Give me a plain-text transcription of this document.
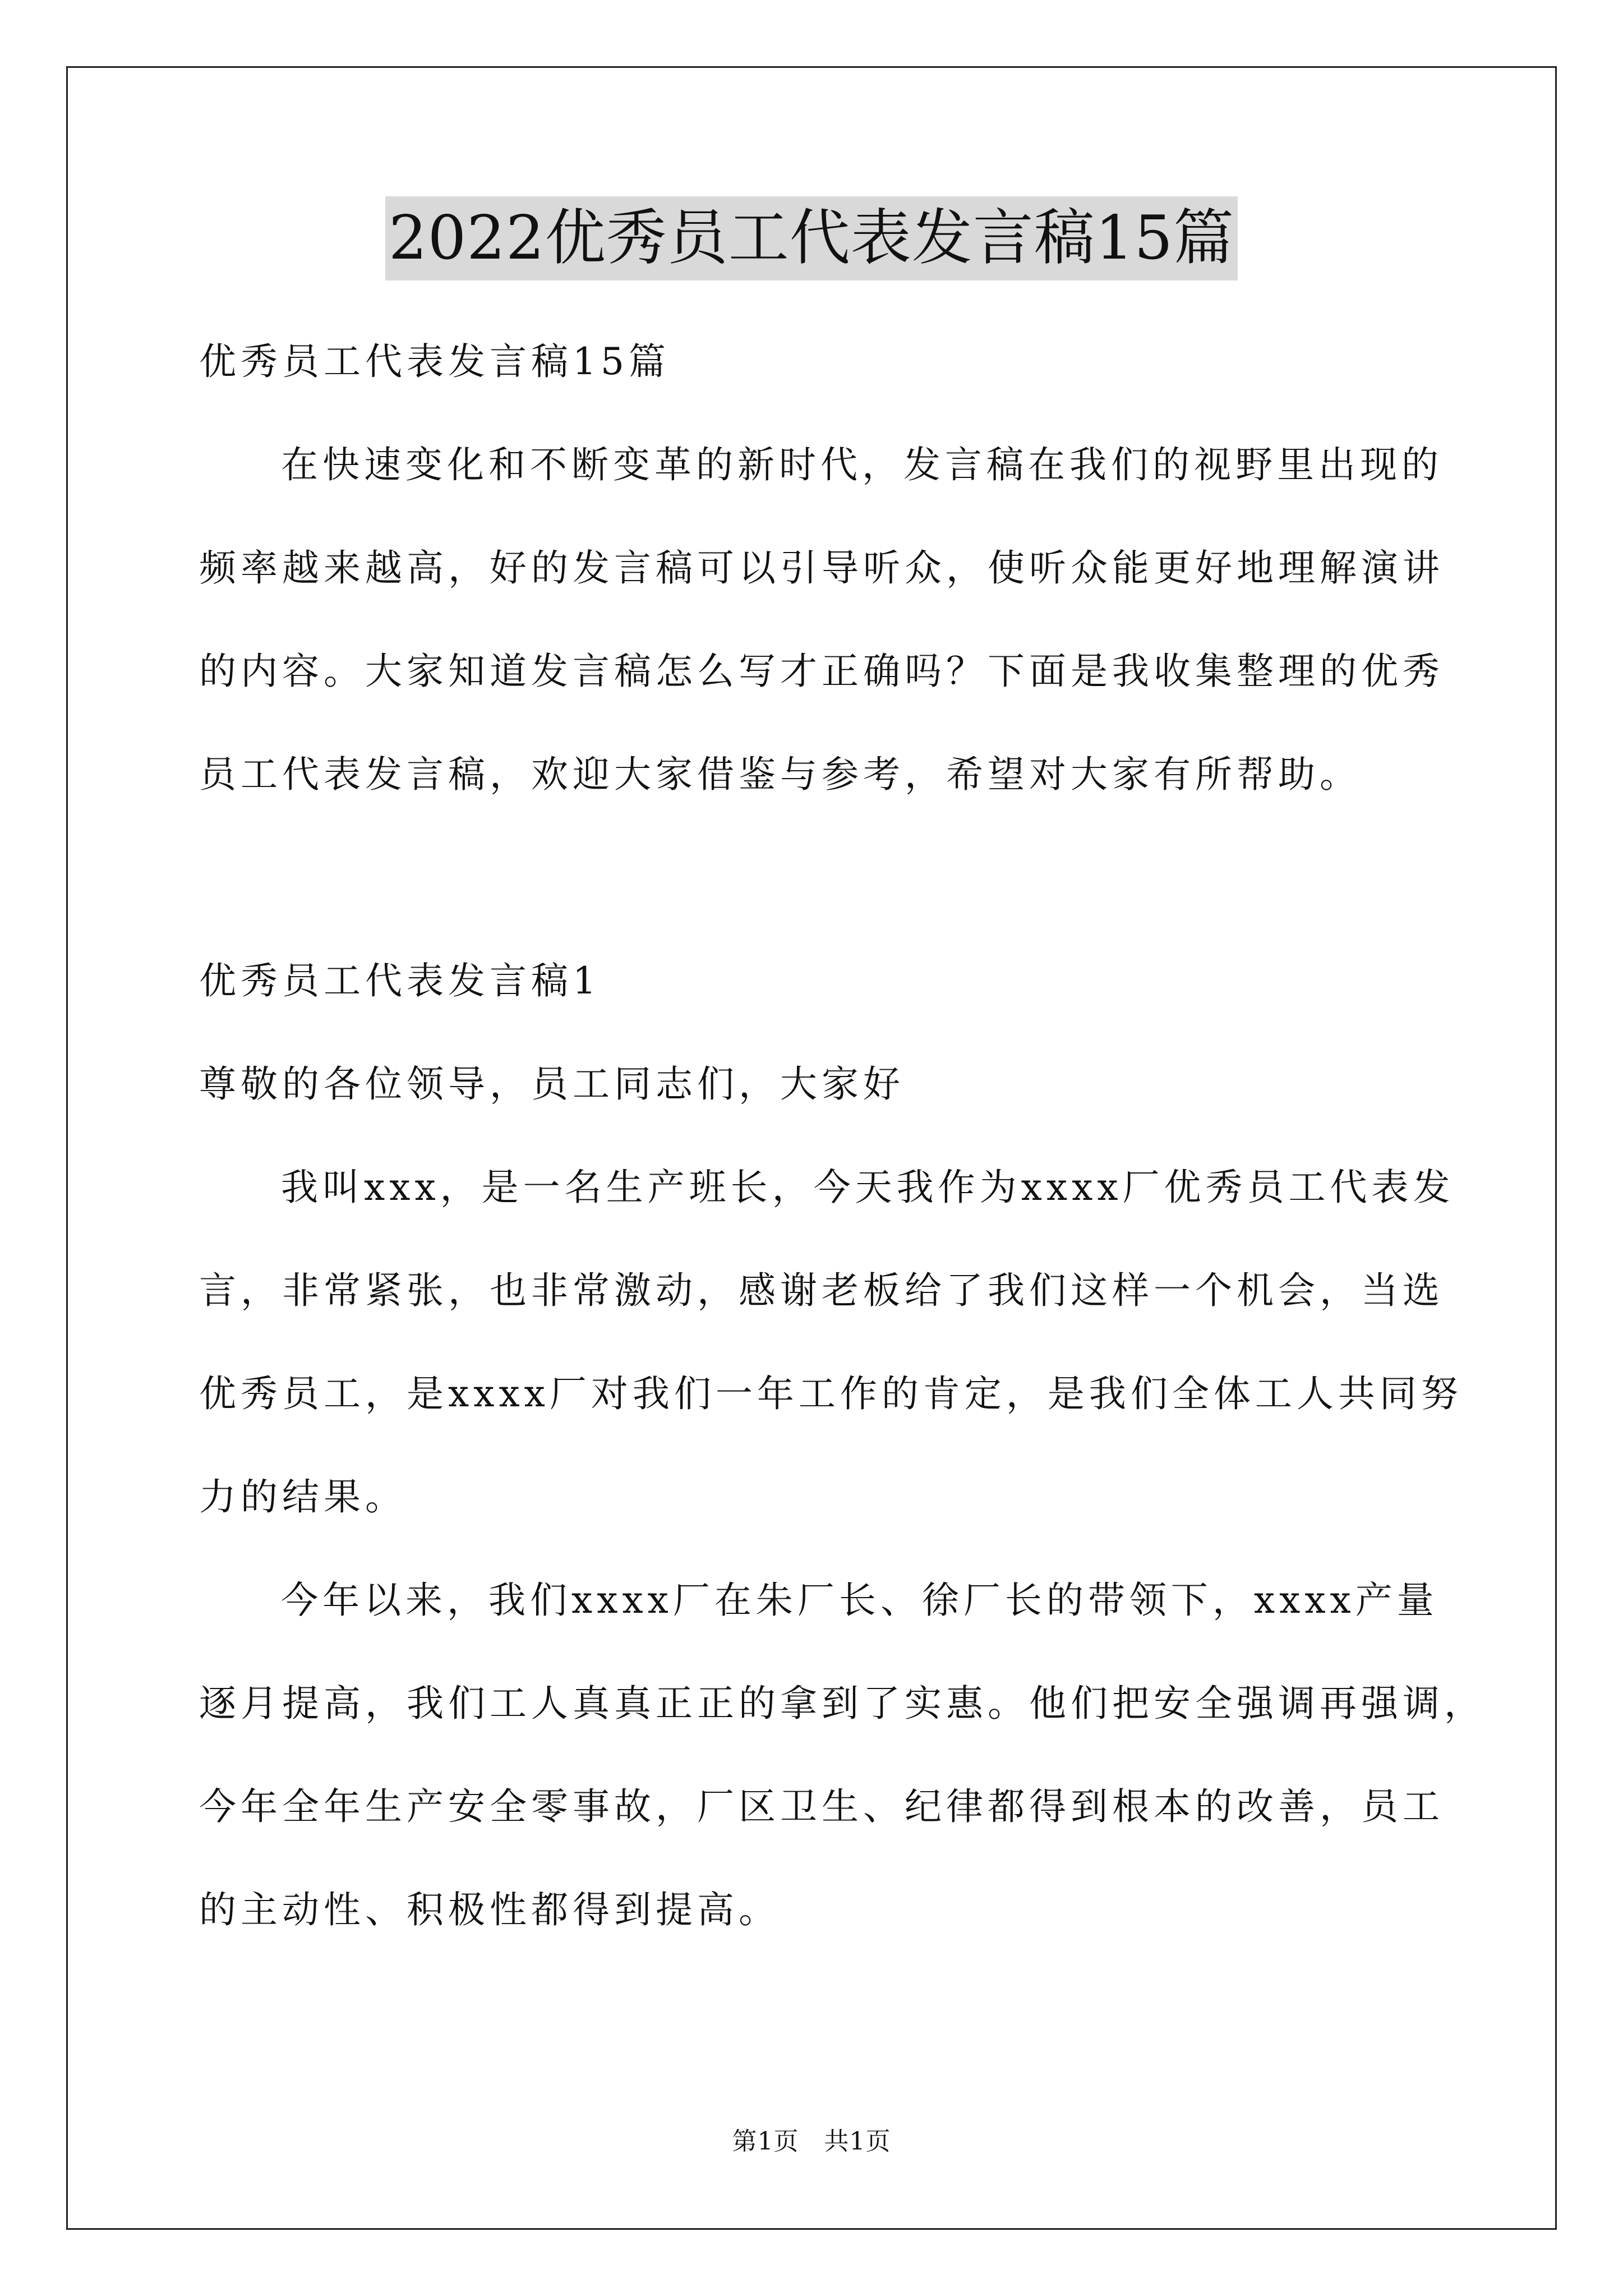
2022优秀员工代表发言稿15篇
优秀员工代表发言稿15篇
在快速变化和不断变革的新时代，发言稿在我们的视野里出现的
频率越来越高，好的发言稿可以引导听众，使听众能更好地理解演讲
的内容。大家知道发言稿怎么写才正确吗？下面是我收集整理的优秀
员工代表发言稿，欢迎大家借鉴与参考，希望对大家有所帮助。
优秀员工代表发言稿1
尊敬的各位领导，员工同志们，大家好
我叫xxx，是一名生产班长，今天我作为xxxx厂优秀员工代表发
言，非常紧张，也非常激动，感谢老板给了我们这样一个机会，当选
优秀员工，是xxxx厂对我们一年工作的肯定，是我们全体工人共同努
力的结果。
今年以来，我们xxxx厂在朱厂长、徐厂长的带领下，xxxx产量
逐月提高，我们工人真真正正的拿到了实惠。他们把安全强调再强调，
今年全年生产安全零事故，厂区卫生、纪律都得到根本的改善，员工
的主动性、积极性都得到提高。
第1页   共1页
